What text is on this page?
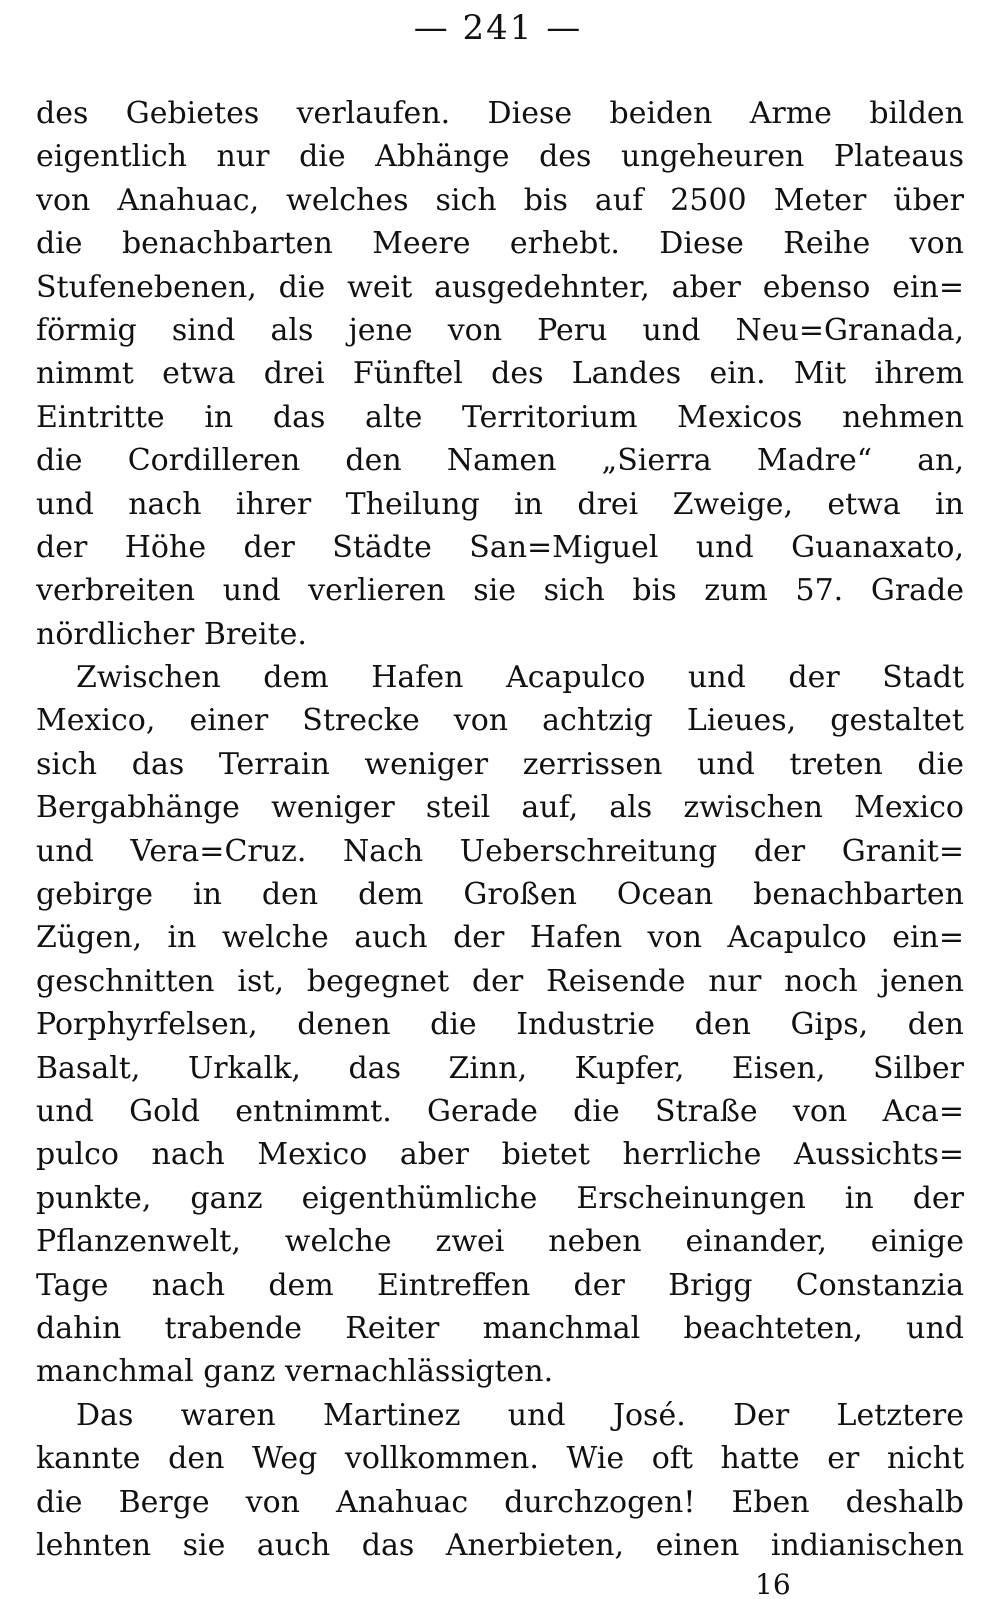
— 241 —
des Gebietes verlaufen. Diese beiden Arme bilden
eigentlich nur die Abhänge des ungeheuren Plateaus
von Anahuac, welches sich bis auf 2500 Meter über
die benachbarten Meere erhebt. Diese Reihe von
Stufenebenen, die weit ausgedehnter, aber ebenso ein=
förmig sind als jene von Peru und Neu=Granada,
nimmt etwa drei Fünftel des Landes ein. Mit ihrem
Eintritte in das alte Territorium Mexicos nehmen
die Cordilleren den Namen „Sierra Madre“ an,
und nach ihrer Theilung in drei Zweige, etwa in
der Höhe der Städte San=Miguel und Guanaxato,
verbreiten und verlieren sie sich bis zum 57. Grade
nördlicher Breite.
Zwischen dem Hafen Acapulco und der Stadt
Mexico, einer Strecke von achtzig Lieues, gestaltet
sich das Terrain weniger zerrissen und treten die
Bergabhänge weniger steil auf, als zwischen Mexico
und Vera=Cruz. Nach Ueberschreitung der Granit=
gebirge in den dem Großen Ocean benachbarten
Zügen, in welche auch der Hafen von Acapulco ein=
geschnitten ist, begegnet der Reisende nur noch jenen
Porphyrfelsen, denen die Industrie den Gips, den
Basalt, Urkalk, das Zinn, Kupfer, Eisen, Silber
und Gold entnimmt. Gerade die Straße von Aca=
pulco nach Mexico aber bietet herrliche Aussichts=
punkte, ganz eigenthümliche Erscheinungen in der
Pflanzenwelt, welche zwei neben einander, einige
Tage nach dem Eintreffen der Brigg Constanzia
dahin trabende Reiter manchmal beachteten, und
manchmal ganz vernachlässigten.
Das waren Martinez und José. Der Letztere
kannte den Weg vollkommen. Wie oft hatte er nicht
die Berge von Anahuac durchzogen! Eben deshalb
lehnten sie auch das Anerbieten, einen indianischen
16
